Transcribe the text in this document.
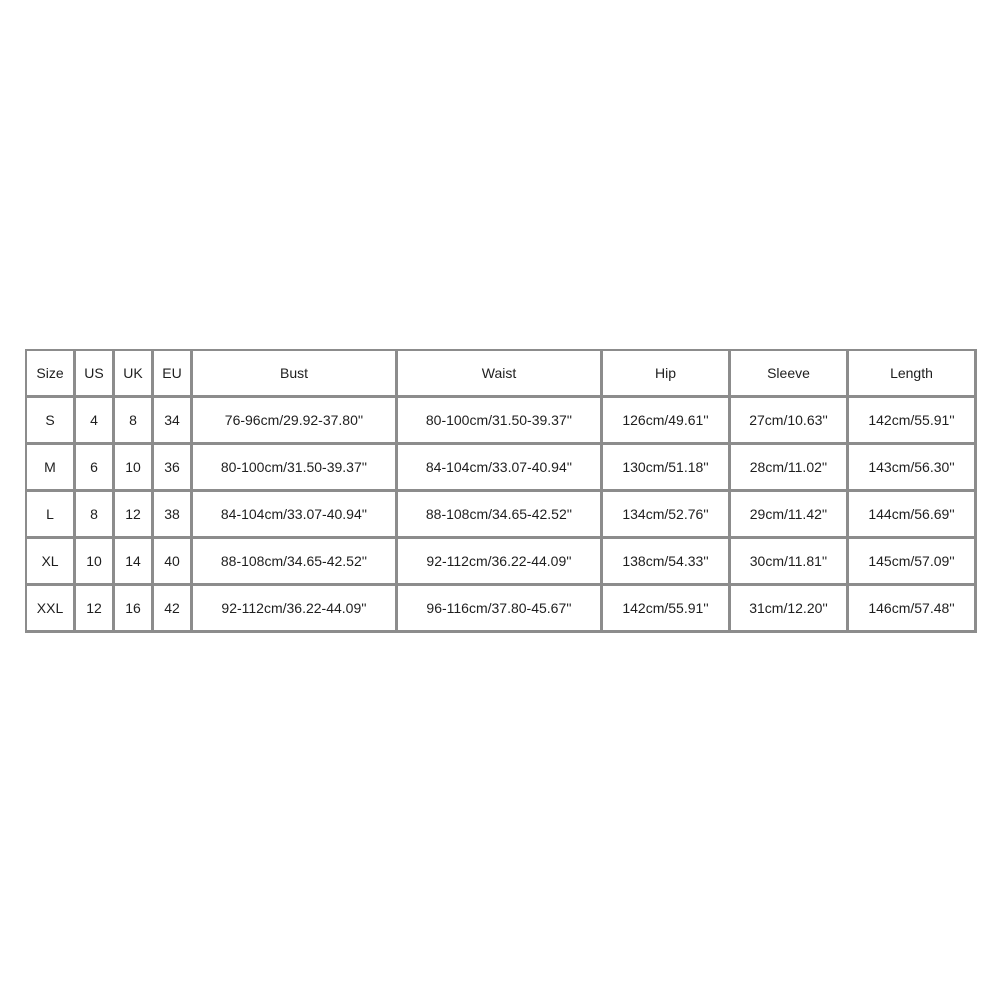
Size	US	UK	EU	Bust	Waist	Hip	Sleeve	Length
S	4	8	34	76-96cm/29.92-37.80''	80-100cm/31.50-39.37''	126cm/49.61''	27cm/10.63''	142cm/55.91''
M	6	10	36	80-100cm/31.50-39.37''	84-104cm/33.07-40.94''	130cm/51.18''	28cm/11.02''	143cm/56.30''
L	8	12	38	84-104cm/33.07-40.94''	88-108cm/34.65-42.52''	134cm/52.76''	29cm/11.42''	144cm/56.69''
XL	10	14	40	88-108cm/34.65-42.52''	92-112cm/36.22-44.09''	138cm/54.33''	30cm/11.81''	145cm/57.09''
XXL	12	16	42	92-112cm/36.22-44.09''	96-116cm/37.80-45.67''	142cm/55.91''	31cm/12.20''	146cm/57.48''
